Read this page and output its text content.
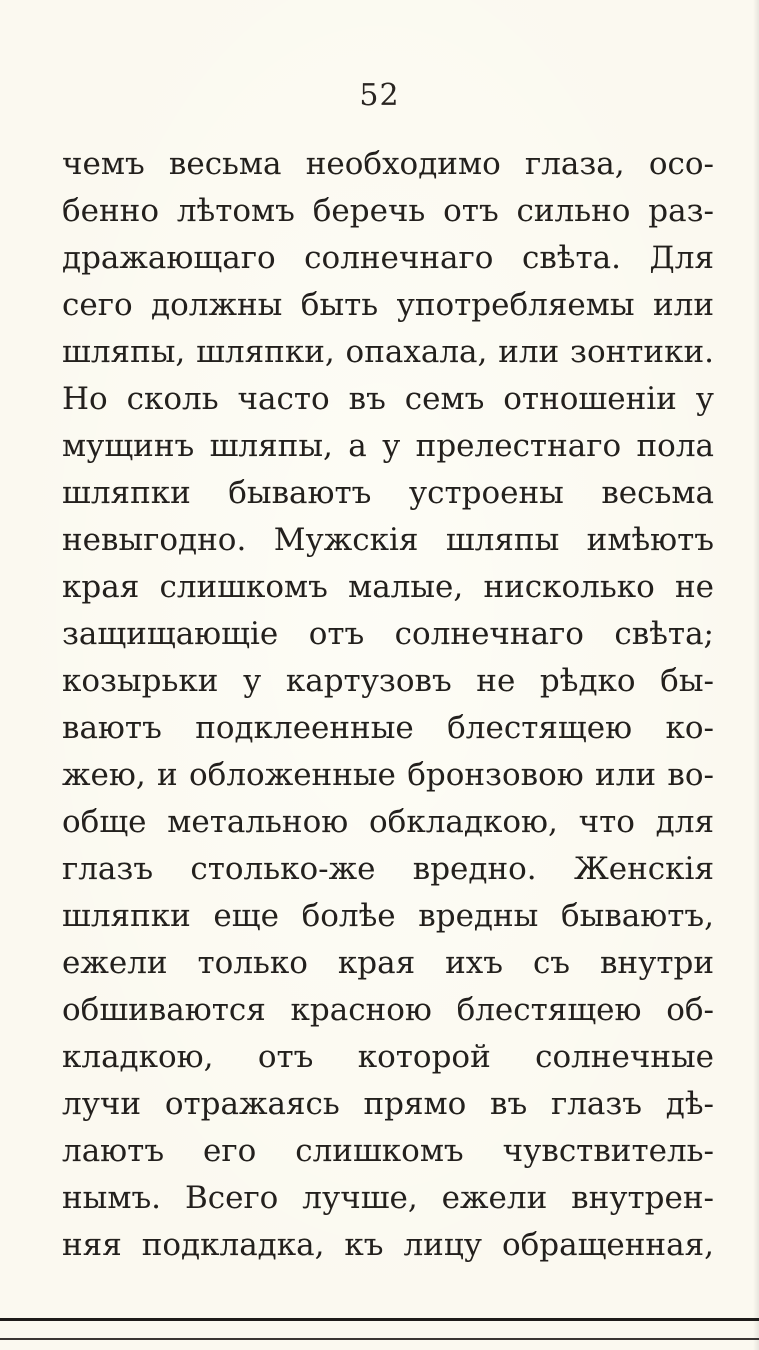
52
чемъ весьма необходимо глаза, осо-
бенно лѣтомъ беречь отъ сильно раз-
дражающаго солнечнаго свѣта. Для
сего должны быть употребляемы или
шляпы, шляпки, опахала, или зонтики.
Но сколь часто въ семъ отношенiи у
мущинъ шляпы, а у прелестнаго пола
шляпки бываютъ устроены весьма
невыгодно. Мужскiя шляпы имѣютъ
края слишкомъ малые, нисколько не
защищающiе отъ солнечнаго свѣта;
козырьки у картузовъ не рѣдко бы-
ваютъ подклеенные блестящею ко-
жею, и обложенные бронзовою или во-
обще метальною обкладкою, что для
глазъ столько-же вредно. Женскiя
шляпки еще болѣе вредны бываютъ,
ежели только края ихъ съ внутри
обшиваются красною блестящею об-
кладкою, отъ которой солнечные
лучи отражаясь прямо въ глазъ дѣ-
лаютъ его слишкомъ чувствитель-
нымъ. Всего лучше, ежели внутрен-
няя подкладка, къ лицу обращенная,
